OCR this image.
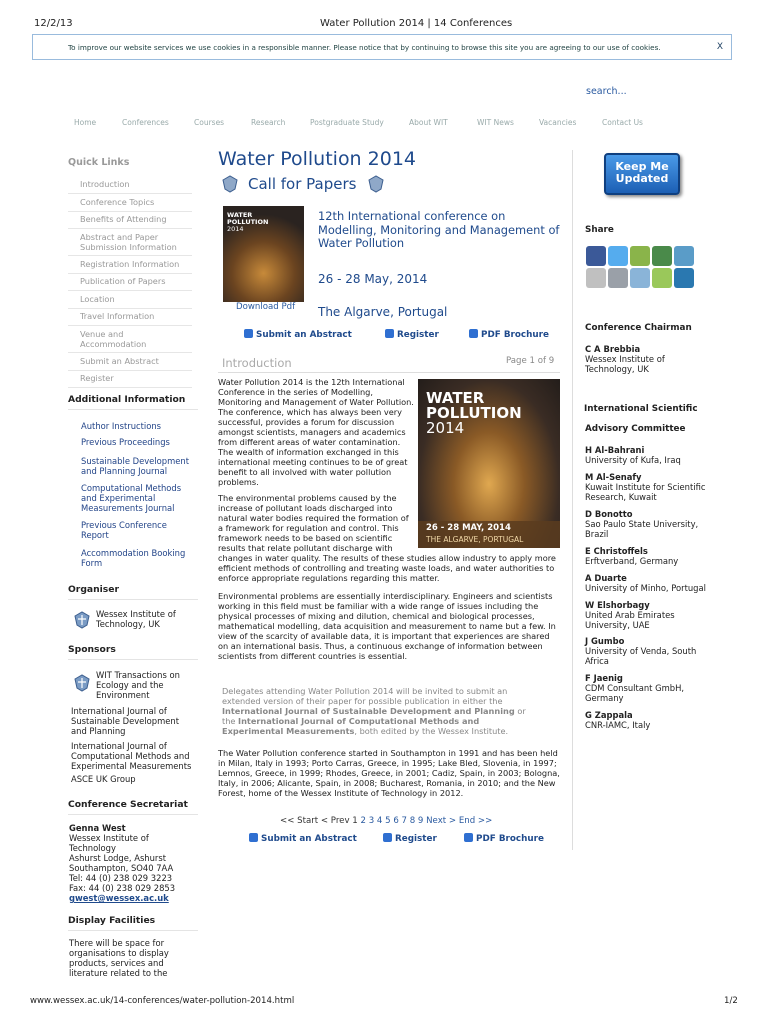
12/2/13	Water Pollution 2014 | 14 Conferences
To improve our website services we use cookies in a responsible manner. Please notice that by continuing to browse this site you are agreeing to our use of cookies.	X
search...
Home	Conferences	Courses	Research	Postgraduate Study	About WIT	WIT News	Vacancies	Contact Us
Quick Links
Introduction
Conference Topics
Benefits of Attending
Abstract and Paper Submission Information
Registration Information
Publication of Papers
Location
Travel Information
Venue and Accommodation
Submit an Abstract
Register
Additional Information
Author Instructions
Previous Proceedings
Sustainable Development and Planning Journal
Computational Methods and Experimental Measurements Journal
Previous Conference Report
Accommodation Booking Form
Organiser
Wessex Institute of Technology, UK
Sponsors
WIT Transactions on Ecology and the Environment
International Journal of Sustainable Development and Planning
International Journal of Computational Methods and Experimental Measurements
ASCE UK Group
Conference Secretariat
Genna West
Wessex Institute of
Technology
Ashurst Lodge, Ashurst
Southampton, SO40 7AA
Tel: 44 (0) 238 029 3223
Fax: 44 (0) 238 029 2853
gwest@wessex.ac.uk
Display Facilities
There will be space for organisations to display products, services and literature related to the
Water Pollution 2014
Call for Papers
WATER
POLLUTION
2014
Download Pdf
12th International conference on Modelling, Monitoring and Management of Water Pollution
26 - 28 May, 2014
The Algarve, Portugal
Submit an Abstract	Register	PDF Brochure
Introduction	Page 1 of 9
WATER
POLLUTION
2014
26 - 28 MAY, 2014
THE ALGARVE, PORTUGAL
Water Pollution 2014 is the 12th International Conference in the series of Modelling, Monitoring and Management of Water Pollution. The conference, which has always been very successful, provides a forum for discussion amongst scientists, managers and academics from different areas of water contamination. The wealth of information exchanged in this international meeting continues to be of great benefit to all involved with water pollution problems.
The environmental problems caused by the increase of pollutant loads discharged into natural water bodies required the formation of a framework for regulation and control. This framework needs to be based on scientific results that relate pollutant discharge with
changes in water quality. The results of these studies allow industry to apply more efficient methods of controlling and treating waste loads, and water authorities to enforce appropriate regulations regarding this matter.
Environmental problems are essentially interdisciplinary. Engineers and scientists working in this field must be familiar with a wide range of issues including the physical processes of mixing and dilution, chemical and biological processes, mathematical modelling, data acquisition and measurement to name but a few. In view of the scarcity of available data, it is important that experiences are shared on an international basis. Thus, a continuous exchange of information between scientists from different countries is essential.
Delegates attending Water Pollution 2014 will be invited to submit an extended version of their paper for possible publication in either the International Journal of Sustainable Development and Planning or the International Journal of Computational Methods and Experimental Measurements, both edited by the Wessex Institute.
The Water Pollution conference started in Southampton in 1991 and has been held in Milan, Italy in 1993; Porto Carras, Greece, in 1995; Lake Bled, Slovenia, in 1997; Lemnos, Greece, in 1999; Rhodes, Greece, in 2001; Cadiz, Spain, in 2003; Bologna, Italy, in 2006; Alicante, Spain, in 2008; Bucharest, Romania, in 2010; and the New Forest, home of the Wessex Institute of Technology in 2012.
<< Start < Prev 1 2 3 4 5 6 7 8 9 Next > End >>
Submit an Abstract	Register	PDF Brochure
Keep Me
Updated
Share
Conference Chairman
C A Brebbia
Wessex Institute of Technology, UK
International Scientific
Advisory Committee
H Al-Bahrani
University of Kufa, Iraq
M Al-Senafy
Kuwait Institute for Scientific Research, Kuwait
D Bonotto
Sao Paulo State University, Brazil
E Christoffels
Erftverband, Germany
A Duarte
University of Minho, Portugal
W Elshorbagy
United Arab Emirates University, UAE
J Gumbo
University of Venda, South Africa
F Jaenig
CDM Consultant GmbH, Germany
G Zappala
CNR-IAMC, Italy
www.wessex.ac.uk/14-conferences/water-pollution-2014.html	1/2
